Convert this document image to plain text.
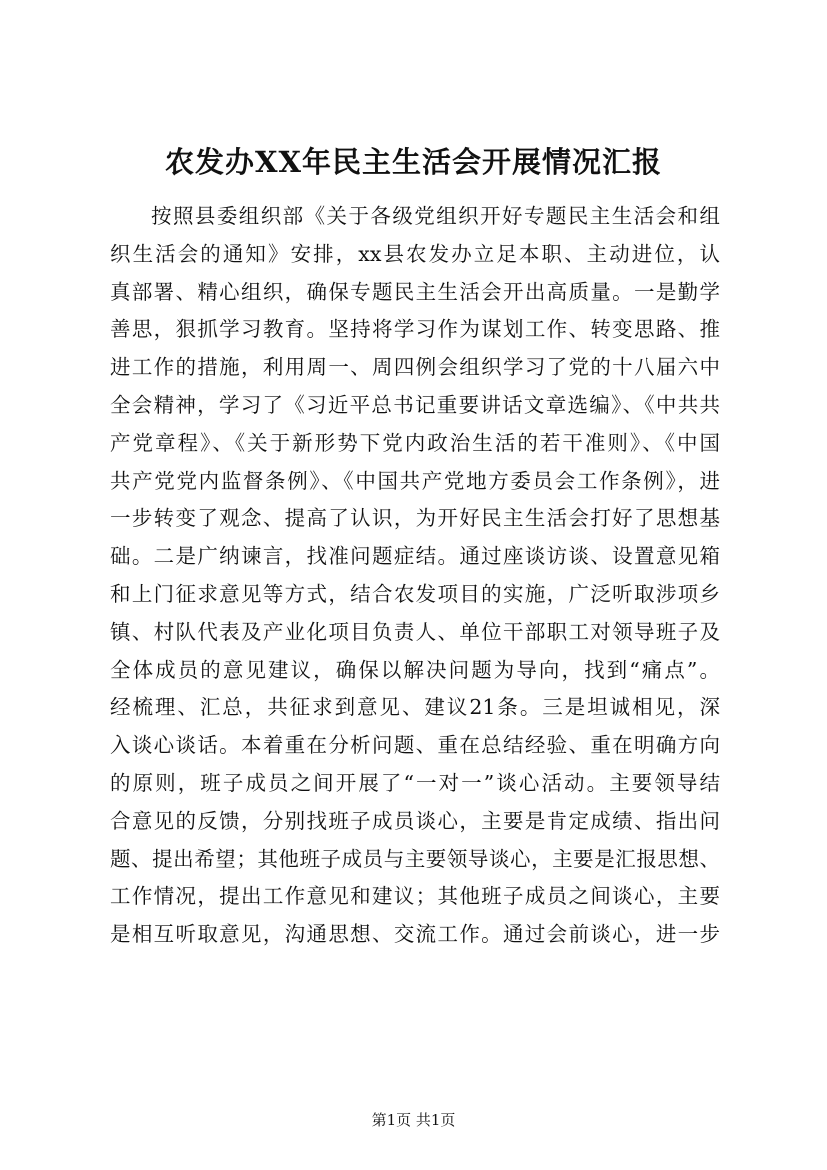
农发办XX年民主生活会开展情况汇报
按照县委组织部《关于各级党组织开好专题民主生活会和组
织生活会的通知》安排，xx县农发办立足本职、主动进位，认
真部署、精心组织，确保专题民主生活会开出高质量。一是勤学
善思，狠抓学习教育。坚持将学习作为谋划工作、转变思路、推
进工作的措施，利用周一、周四例会组织学习了党的十八届六中
全会精神，学习了《习近平总书记重要讲话文章选编》、《中共共
产党章程》、《关于新形势下党内政治生活的若干准则》、《中国
共产党党内监督条例》、《中国共产党地方委员会工作条例》，进
一步转变了观念、提高了认识，为开好民主生活会打好了思想基
础。二是广纳谏言，找准问题症结。通过座谈访谈、设置意见箱
和上门征求意见等方式，结合农发项目的实施，广泛听取涉项乡
镇、村队代表及产业化项目负责人、单位干部职工对领导班子及
全体成员的意见建议，确保以解决问题为导向，找到“痛点”。
经梳理、汇总，共征求到意见、建议21条。三是坦诚相见，深
入谈心谈话。本着重在分析问题、重在总结经验、重在明确方向
的原则，班子成员之间开展了“一对一”谈心活动。主要领导结
合意见的反馈，分别找班子成员谈心，主要是肯定成绩、指出问
题、提出希望；其他班子成员与主要领导谈心，主要是汇报思想、
工作情况，提出工作意见和建议；其他班子成员之间谈心，主要
是相互听取意见，沟通思想、交流工作。通过会前谈心，进一步
第1页 共1页
